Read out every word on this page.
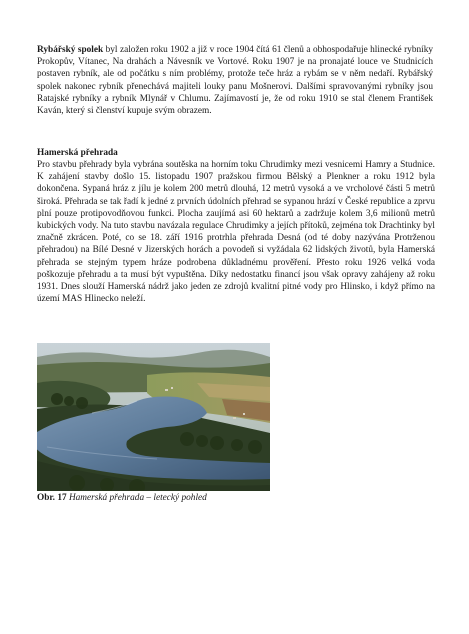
Rybářský spolek byl založen roku 1902 a již v roce 1904 čítá 61 členů a obhospodařuje hlinecké rybníky Prokopův, Vítanec, Na drahách a Návesník ve Vortové. Roku 1907 je na pronajaté louce ve Studnicích postaven rybník, ale od počátku s ním problémy, protože teče hráz a rybám se v něm nedaří. Rybářský spolek nakonec rybník přenechává majiteli louky panu Mošnerovi. Dalšími spravovanými rybníky jsou Ratajské rybníky a rybník Mlynář v Chlumu. Zajímavostí je, že od roku 1910 se stal členem František Kaván, který si členství kupuje svým obrazem.
Hamerská přehrada
Pro stavbu přehrady byla vybrána soutěska na horním toku Chrudimky mezi vesnicemi Hamry a Studnice. K zahájení stavby došlo 15. listopadu 1907 pražskou firmou Bělský a Plenkner a roku 1912 byla dokončena. Sypaná hráz z jílu je kolem 200 metrů dlouhá, 12 metrů vysoká a ve vrcholové části 5 metrů široká. Přehrada se tak řadí k jedné z prvních údolních přehrad se sypanou hrází v České republice a zprvu plní pouze protipovodňovou funkci. Plocha zaujímá asi 60 hektarů a zadržuje kolem 3,6 milionů metrů kubických vody. Na tuto stavbu navázala regulace Chrudimky a jejích přítoků, zejména tok Drachtinky byl značně zkrácen. Poté, co se 18. září 1916 protrhla přehrada Desná (od té doby nazývána Protrženou přehradou) na Bílé Desné v Jizerských horách a povodeň si vyžádala 62 lidských životů, byla Hamerská přehrada se stejným typem hráze podrobena důkladnému prověření. Přesto roku 1926 velká voda poškozuje přehradu a ta musí být vypuštěna. Díky nedostatku financí jsou však opravy zahájeny až roku 1931. Dnes slouží Hamerská nádrž jako jeden ze zdrojů kvalitní pitné vody pro Hlinsko, i když přímo na území MAS Hlinecko neleží.
Obr. 17 Hamerská přehrada – letecký pohled
